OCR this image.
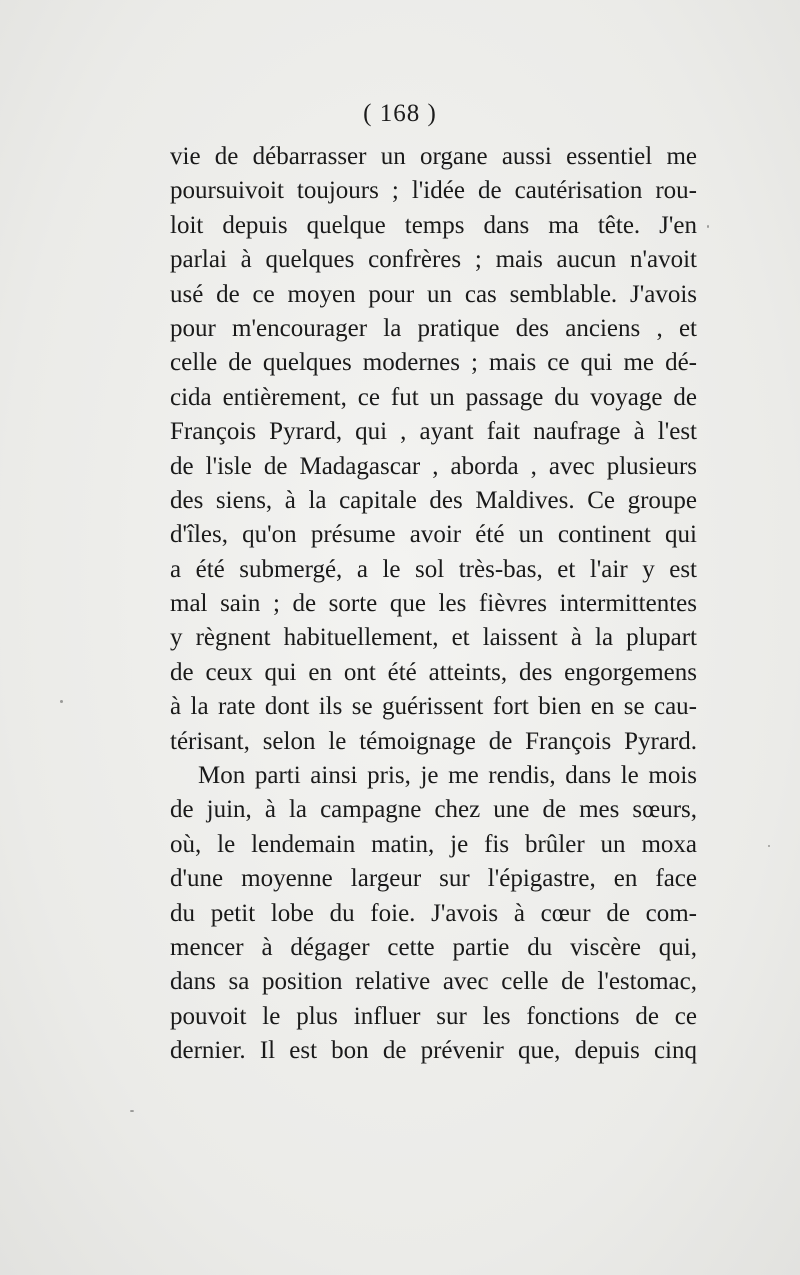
( 168 )
vie de débarrasser un organe aussi essentiel me
poursuivoit toujours ; l'idée de cautérisation rou-
loit depuis quelque temps dans ma tête. J'en
parlai à quelques confrères ; mais aucun n'avoit
usé de ce moyen pour un cas semblable. J'avois
pour m'encourager la pratique des anciens , et
celle de quelques modernes ; mais ce qui me dé-
cida entièrement, ce fut un passage du voyage de
François Pyrard, qui , ayant fait naufrage à l'est
de l'isle de Madagascar , aborda , avec plusieurs
des siens, à la capitale des Maldives. Ce groupe
d'îles, qu'on présume avoir été un continent qui
a été submergé, a le sol très-bas, et l'air y est
mal sain ; de sorte que les fièvres intermittentes
y règnent habituellement, et laissent à la plupart
de ceux qui en ont été atteints, des engorgemens
à la rate dont ils se guérissent fort bien en se cau-
térisant, selon le témoignage de François Pyrard.
Mon parti ainsi pris, je me rendis, dans le mois
de juin, à la campagne chez une de mes sœurs,
où, le lendemain matin, je fis brûler un moxa
d'une moyenne largeur sur l'épigastre, en face
du petit lobe du foie. J'avois à cœur de com-
mencer à dégager cette partie du viscère qui,
dans sa position relative avec celle de l'estomac,
pouvoit le plus influer sur les fonctions de ce
dernier. Il est bon de prévenir que, depuis cinq
